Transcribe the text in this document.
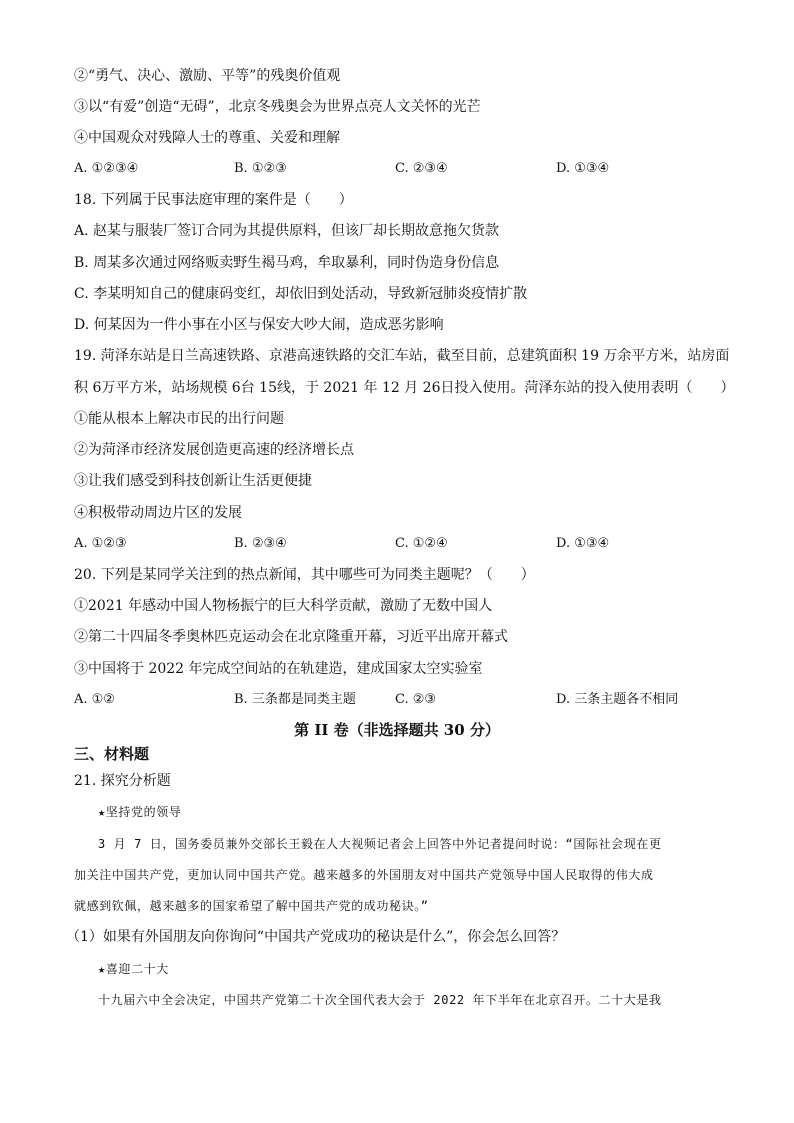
②“勇气、决心、激励、平等”的残奥价值观
③以“有爱”创造“无碍”，北京冬残奥会为世界点亮人文关怀的光芒
④中国观众对残障人士的尊重、关爱和理解
A. ①②③④	B. ①②③	C. ②③④	D. ①③④
18. 下列属于民事法庭审理的案件是（　　）
A. 赵某与服装厂签订合同为其提供原料，但该厂却长期故意拖欠货款
B. 周某多次通过网络贩卖野生褐马鸡，牟取暴利，同时伪造身份信息
C. 李某明知自己的健康码变红，却依旧到处活动，导致新冠肺炎疫情扩散
D. 何某因为一件小事在小区与保安大吵大闹，造成恶劣影响
19. 菏泽东站是日兰高速铁路、京港高速铁路的交汇车站，截至目前，总建筑面积 19 万余平方米，站房面
积 6万平方米，站场规模 6台 15线，于 2021 年 12 月 26日投入使用。菏泽东站的投入使用表明（　　）
①能从根本上解决市民的出行问题
②为菏泽市经济发展创造更高速的经济增长点
③让我们感受到科技创新让生活更便捷
④积极带动周边片区的发展
A. ①②③	B. ②③④	C. ①②④	D. ①③④
20. 下列是某同学关注到的热点新闻，其中哪些可为同类主题呢？（　　）
①2021 年感动中国人物杨振宁的巨大科学贡献，激励了无数中国人
②第二十四届冬季奥林匹克运动会在北京隆重开幕，习近平出席开幕式
③中国将于 2022 年完成空间站的在轨建造，建成国家太空实验室
A. ①②	B. 三条都是同类主题	C. ②③	D. 三条主题各不相同
第 II 卷（非选择题共 30 分）
三、材料题
21. 探究分析题
★坚持党的领导
3 月 7 日，国务委员兼外交部长王毅在人大视频记者会上回答中外记者提问时说：“国际社会现在更
加关注中国共产党，更加认同中国共产党。越来越多的外国朋友对中国共产党领导中国人民取得的伟大成
就感到钦佩，越来越多的国家希望了解中国共产党的成功秘诀。”
（1）如果有外国朋友向你询问“中国共产党成功的秘诀是什么”，你会怎么回答？
★喜迎二十大
十九届六中全会决定，中国共产党第二十次全国代表大会于 2022 年下半年在北京召开。二十大是我
